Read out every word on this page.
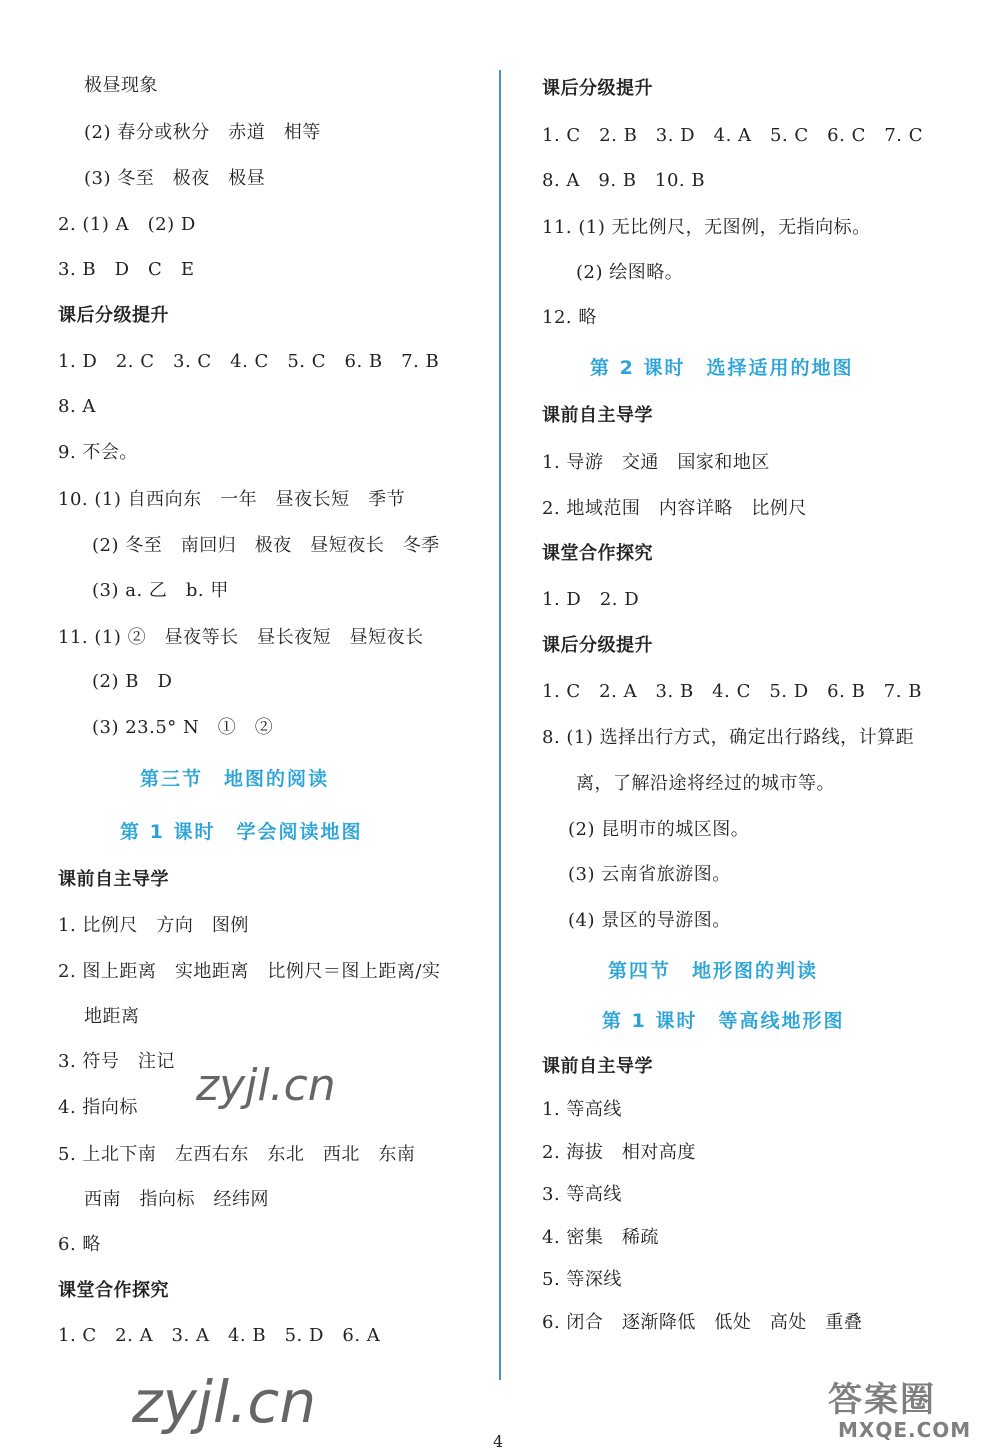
极昼现象
(2) 春分或秋分　赤道　相等
(3) 冬至　极夜　极昼
2. (1) A　(2) D
3. B　D　C　E
课后分级提升
1. D　2. C　3. C　4. C　5. C　6. B　7. B
8. A
9. 不会。
10. (1) 自西向东　一年　昼夜长短　季节
(2) 冬至　南回归　极夜　昼短夜长　冬季
(3) a. 乙　b. 甲
11. (1) ②　昼夜等长　昼长夜短　昼短夜长
(2) B　D
(3) 23.5° N　①　②
第三节　地图的阅读
第 1 课时　学会阅读地图
课前自主导学
1. 比例尺　方向　图例
2. 图上距离　实地距离　比例尺＝图上距离/实
地距离
3. 符号　注记
4. 指向标
5. 上北下南　左西右东　东北　西北　东南
西南　指向标　经纬网
6. 略
课堂合作探究
1. C　2. A　3. A　4. B　5. D　6. A
课后分级提升
1. C　2. B　3. D　4. A　5. C　6. C　7. C
8. A　9. B　10. B
11. (1) 无比例尺，无图例，无指向标。
(2) 绘图略。
12. 略
第 2 课时　选择适用的地图
课前自主导学
1. 导游　交通　国家和地区
2. 地域范围　内容详略　比例尺
课堂合作探究
1. D　2. D
课后分级提升
1. C　2. A　3. B　4. C　5. D　6. B　7. B
8. (1) 选择出行方式，确定出行路线，计算距
离，了解沿途将经过的城市等。
(2) 昆明市的城区图。
(3) 云南省旅游图。
(4) 景区的导游图。
第四节　地形图的判读
第 1 课时　等高线地形图
课前自主导学
1. 等高线
2. 海拔　相对高度
3. 等高线
4. 密集　稀疏
5. 等深线
6. 闭合　逐渐降低　低处　高处　重叠
zyjl.cn
zyjl.cn	答案圈
MXQE.COM
4
